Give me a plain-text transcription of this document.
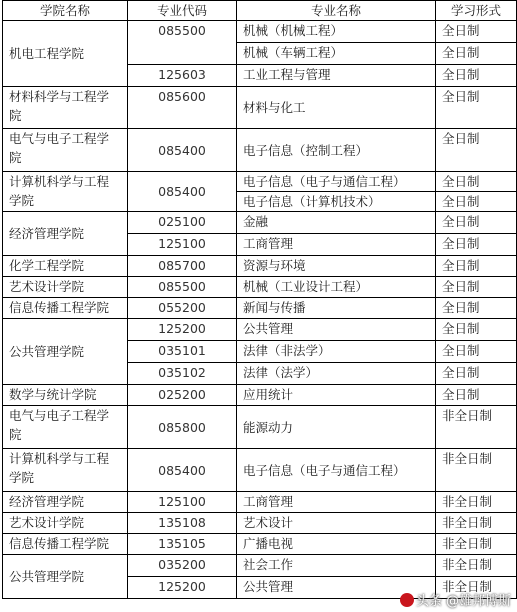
学院名称	专业代码	专业名称	学习形式
机电工程学院	085500	机械（机械工程）	全日制
		机械（车辆工程）	全日制
	125603	工业工程与管理	全日制
材料科学与工程学院	085600	材料与化工	全日制
电气与电子工程学院	085400	电子信息（控制工程）	全日制
计算机科学与工程学院	085400	电子信息（电子与通信工程）	全日制
		电子信息（计算机技术）	全日制
经济管理学院	025100	金融	全日制
	125100	工商管理	全日制
化学工程学院	085700	资源与环境	全日制
艺术设计学院	085500	机械（工业设计工程）	全日制
信息传播工程学院	055200	新闻与传播	全日制
公共管理学院	125200	公共管理	全日制
	035101	法律（非法学）	全日制
	035102	法律（法学）	全日制
数学与统计学院	025200	应用统计	全日制
电气与电子工程学院	085800	能源动力	非全日制
计算机科学与工程学院	085400	电子信息（电子与通信工程）	非全日制
经济管理学院	125100	工商管理	非全日制
艺术设计学院	135108	艺术设计	非全日制
信息传播工程学院	135105	广播电视	非全日制
公共管理学院	035200	社会工作	非全日制
	125200	公共管理	非全日制
头条 @雄邦博斯
